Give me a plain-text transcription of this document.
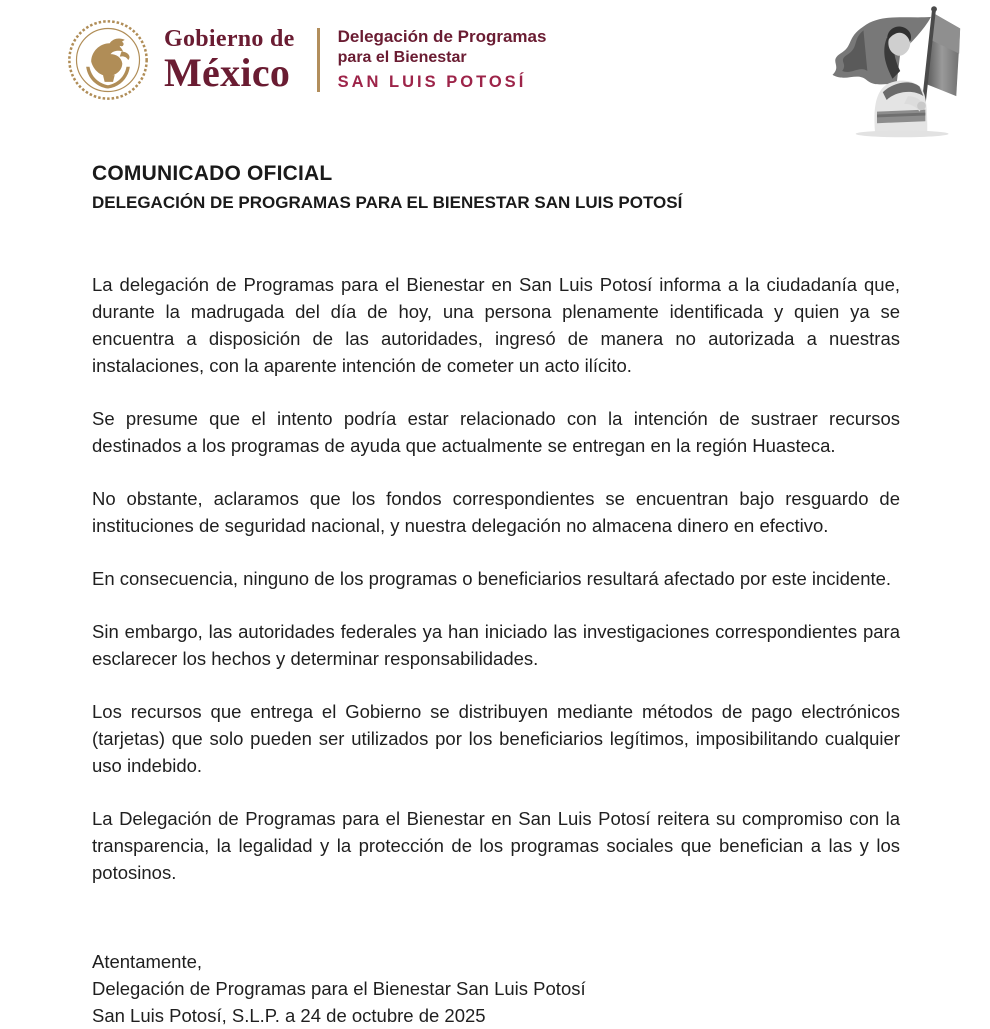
Gobierno de
México
Delegación de Programas
para el Bienestar
SAN LUIS POTOSÍ
COMUNICADO OFICIAL
DELEGACIÓN DE PROGRAMAS PARA EL BIENESTAR SAN LUIS POTOSÍ

La delegación de Programas para el Bienestar en San Luis Potosí informa a la ciudadanía que, durante la madrugada del día de hoy, una persona plenamente identificada y quien ya se encuentra a disposición de las autoridades, ingresó de manera no autorizada a nuestras instalaciones, con la aparente intención de cometer un acto ilícito.

Se presume que el intento podría estar relacionado con la intención de sustraer recursos destinados a los programas de ayuda que actualmente se entregan en la región Huasteca.

No obstante, aclaramos que los fondos correspondientes se encuentran bajo resguardo de instituciones de seguridad nacional, y nuestra delegación no almacena dinero en efectivo.

En consecuencia, ninguno de los programas o beneficiarios resultará afectado por este incidente.

Sin embargo, las autoridades federales ya han iniciado las investigaciones correspondientes para esclarecer los hechos y determinar responsabilidades.

Los recursos que entrega el Gobierno se distribuyen mediante métodos de pago electrónicos (tarjetas) que solo pueden ser utilizados por los beneficiarios legítimos, imposibilitando cualquier uso indebido.

La Delegación de Programas para el Bienestar en San Luis Potosí reitera su compromiso con la transparencia, la legalidad y la protección de los programas sociales que benefician a las y los potosinos.

Atentamente,
Delegación de Programas para el Bienestar San Luis Potosí
San Luis Potosí, S.L.P. a 24 de octubre de 2025
